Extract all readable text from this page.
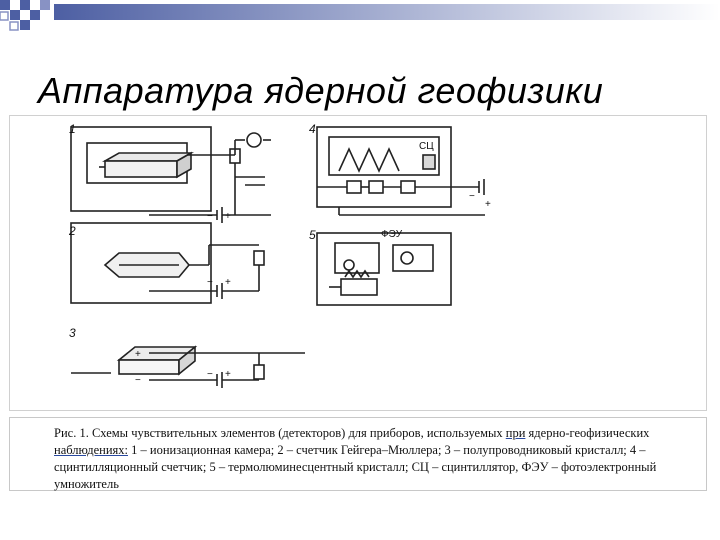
Аппаратура ядерной геофизики
1
2
3
4
5
СЦ
ФЭУ
− +
− +
− +
−
+
+
−
Рис. 1. Схемы чувствительных элементов (детекторов) для приборов, используемых при ядерно-геофизических наблюдениях: 1 – ионизационная камера; 2 – счетчик Гейгера–Мюллера; 3 – полупроводниковый кристалл; 4 – сцинтилляционный счетчик; 5 – термолюминесцентный кристалл; СЦ – сцинтиллятор, ФЭУ – фотоэлектронный умножитель
